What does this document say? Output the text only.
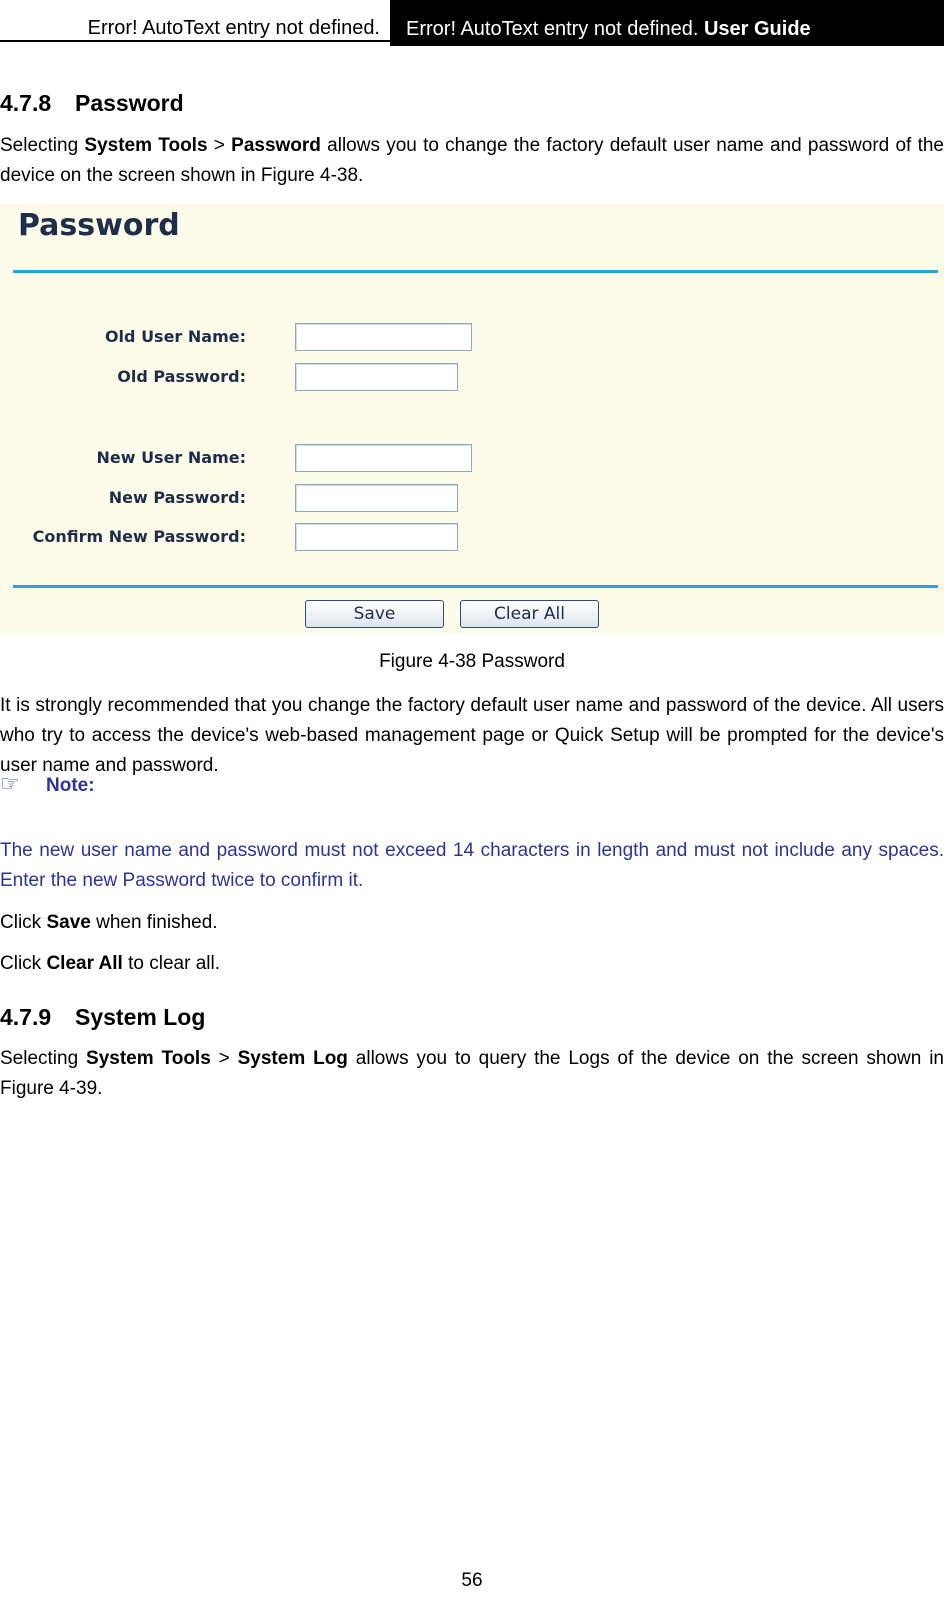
Error! AutoText entry not defined.	Error! AutoText entry not defined. User Guide
4.7.8 Password
Selecting System Tools > Password allows you to change the factory default user name and password of the device on the screen shown in Figure 4-38.
Password
Old User Name:
Old Password:
New User Name:
New Password:
Confirm New Password:
Save	Clear All
Figure 4-38 Password
It is strongly recommended that you change the factory default user name and password of the device. All users who try to access the device's web-based management page or Quick Setup will be prompted for the device's user name and password.
☞ Note:
The new user name and password must not exceed 14 characters in length and must not include any spaces. Enter the new Password twice to confirm it.
Click Save when finished.
Click Clear All to clear all.
4.7.9 System Log
Selecting System Tools > System Log allows you to query the Logs of the device on the screen shown in Figure 4-39.
56
